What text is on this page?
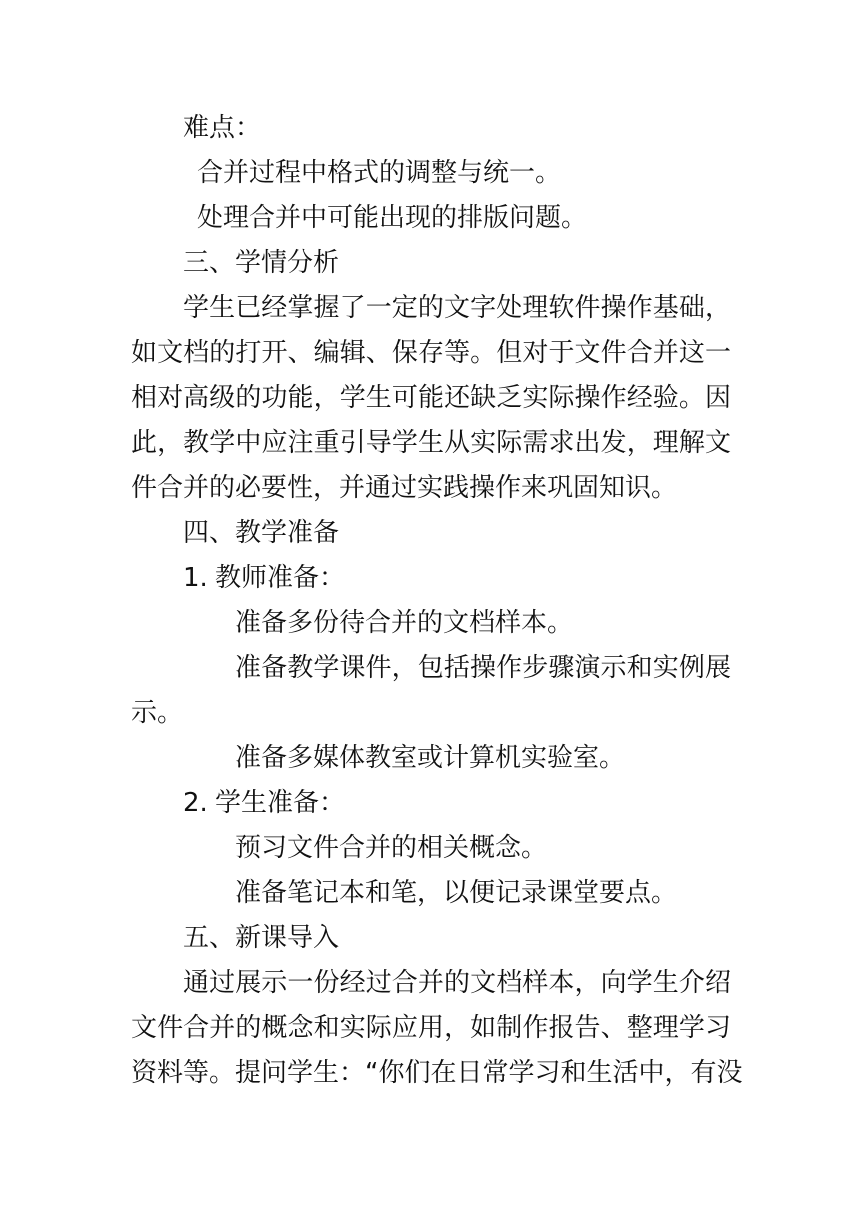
难点：

合并过程中格式的调整与统一。

处理合并中可能出现的排版问题。

三、学情分析

学生已经掌握了一定的文字处理软件操作基础，

如文档的打开、编辑、保存等。但对于文件合并这一

相对高级的功能，学生可能还缺乏实际操作经验。因

此，教学中应注重引导学生从实际需求出发，理解文

件合并的必要性，并通过实践操作来巩固知识。

四、教学准备

1. 教师准备：

准备多份待合并的文档样本。

准备教学课件，包括操作步骤演示和实例展

示。

准备多媒体教室或计算机实验室。

2. 学生准备：

预习文件合并的相关概念。

准备笔记本和笔，以便记录课堂要点。

五、新课导入

通过展示一份经过合并的文档样本，向学生介绍

文件合并的概念和实际应用，如制作报告、整理学习

资料等。提问学生：“你们在日常学习和生活中，有没
